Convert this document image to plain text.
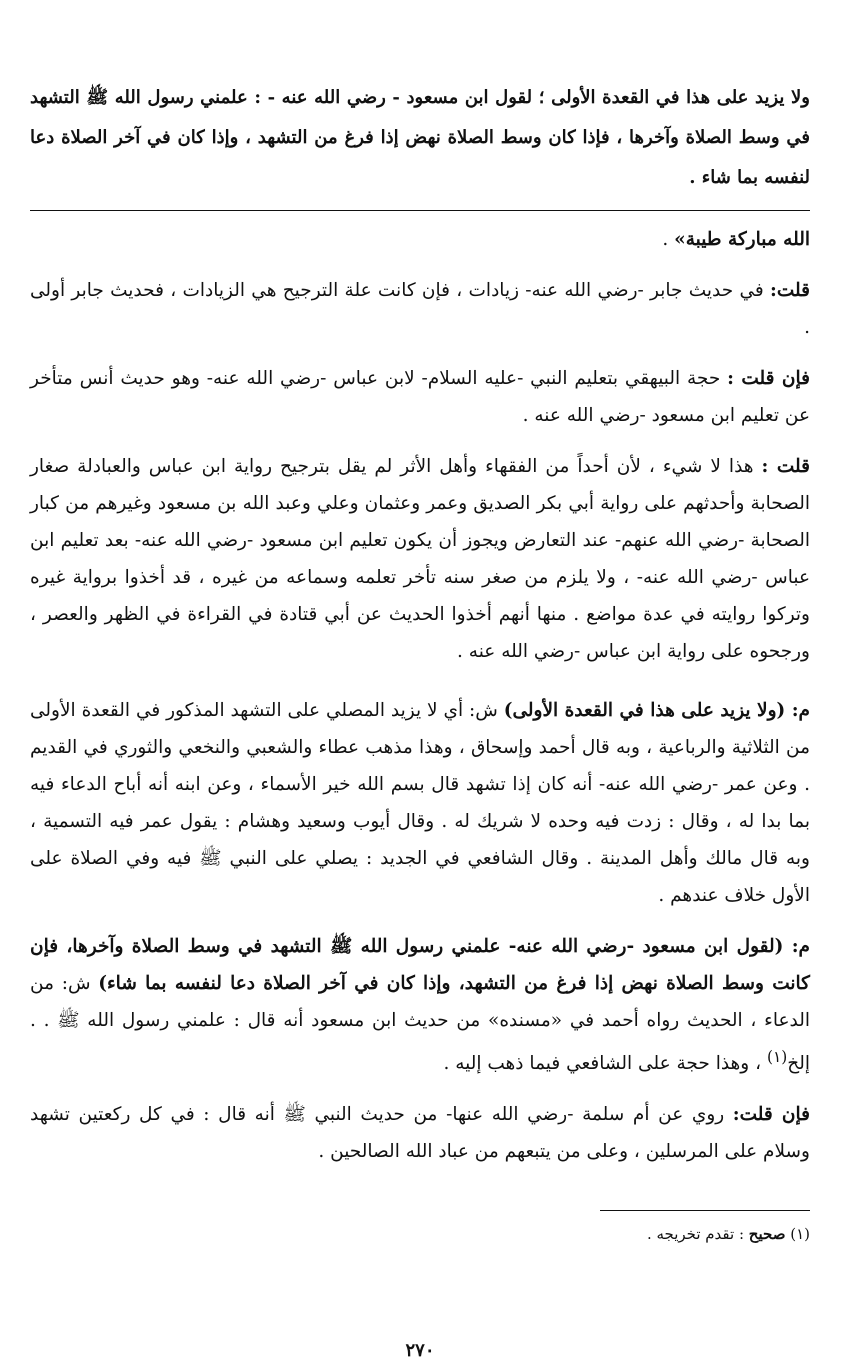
ولا يزيد على هذا في القعدة الأولى ؛ لقول ابن مسعود - رضي الله عنه - : علمني رسول الله ﷺ التشهد في وسط الصلاة وآخرها ، فإذا كان وسط الصلاة نهض إذا فرغ من التشهد ، وإذا كان في آخر الصلاة دعا لنفسه بما شاء .

الله مباركة طيبة» .

قلت: في حديث جابر -رضي الله عنه- زيادات ، فإن كانت علة الترجيح هي الزيادات ، فحديث جابر أولى .

فإن قلت : حجة البيهقي بتعليم النبي -عليه السلام- لابن عباس -رضي الله عنه- وهو حديث أنس متأخر عن تعليم ابن مسعود -رضي الله عنه .

قلت : هذا لا شيء ، لأن أحداً من الفقهاء وأهل الأثر لم يقل بترجيح رواية ابن عباس والعبادلة صغار الصحابة وأحدثهم على رواية أبي بكر الصديق وعمر وعثمان وعلي وعبد الله بن مسعود وغيرهم من كبار الصحابة -رضي الله عنهم- عند التعارض ويجوز أن يكون تعليم ابن مسعود -رضي الله عنه- بعد تعليم ابن عباس -رضي الله عنه- ، ولا يلزم من صغر سنه تأخر تعلمه وسماعه من غيره ، قد أخذوا برواية غيره وتركوا روايته في عدة مواضع . منها أنهم أخذوا الحديث عن أبي قتادة في القراءة في الظهر والعصر ، ورجحوه على رواية ابن عباس -رضي الله عنه .

م: (ولا يزيد على هذا في القعدة الأولى) ش: أي لا يزيد المصلي على التشهد المذكور في القعدة الأولى من الثلاثية والرباعية ، وبه قال أحمد وإسحاق ، وهذا مذهب عطاء والشعبي والنخعي والثوري في القديم . وعن عمر -رضي الله عنه- أنه كان إذا تشهد قال بسم الله خير الأسماء ، وعن ابنه أنه أباح الدعاء فيه بما بدا له ، وقال : زدت فيه وحده لا شريك له . وقال أيوب وسعيد وهشام : يقول عمر فيه التسمية ، وبه قال مالك وأهل المدينة . وقال الشافعي في الجديد : يصلي على النبي ﷺ فيه وفي الصلاة على الأول خلاف عندهم .

م: (لقول ابن مسعود -رضي الله عنه- علمني رسول الله ﷺ التشهد في وسط الصلاة وآخرها، فإن كانت وسط الصلاة نهض إذا فرغ من التشهد، وإذا كان في آخر الصلاة دعا لنفسه بما شاء) ش: من الدعاء ، الحديث رواه أحمد في «مسنده» من حديث ابن مسعود أنه قال : علمني رسول الله ﷺ . . إلخ$^{(١)}$ ، وهذا حجة على الشافعي فيما ذهب إليه .

فإن قلت: روي عن أم سلمة -رضي الله عنها- من حديث النبي ﷺ أنه قال : في كل ركعتين تشهد وسلام على المرسلين ، وعلى من يتبعهم من عباد الله الصالحين .

(١) صحيح : تقدم تخريجه .

٢٧٠
